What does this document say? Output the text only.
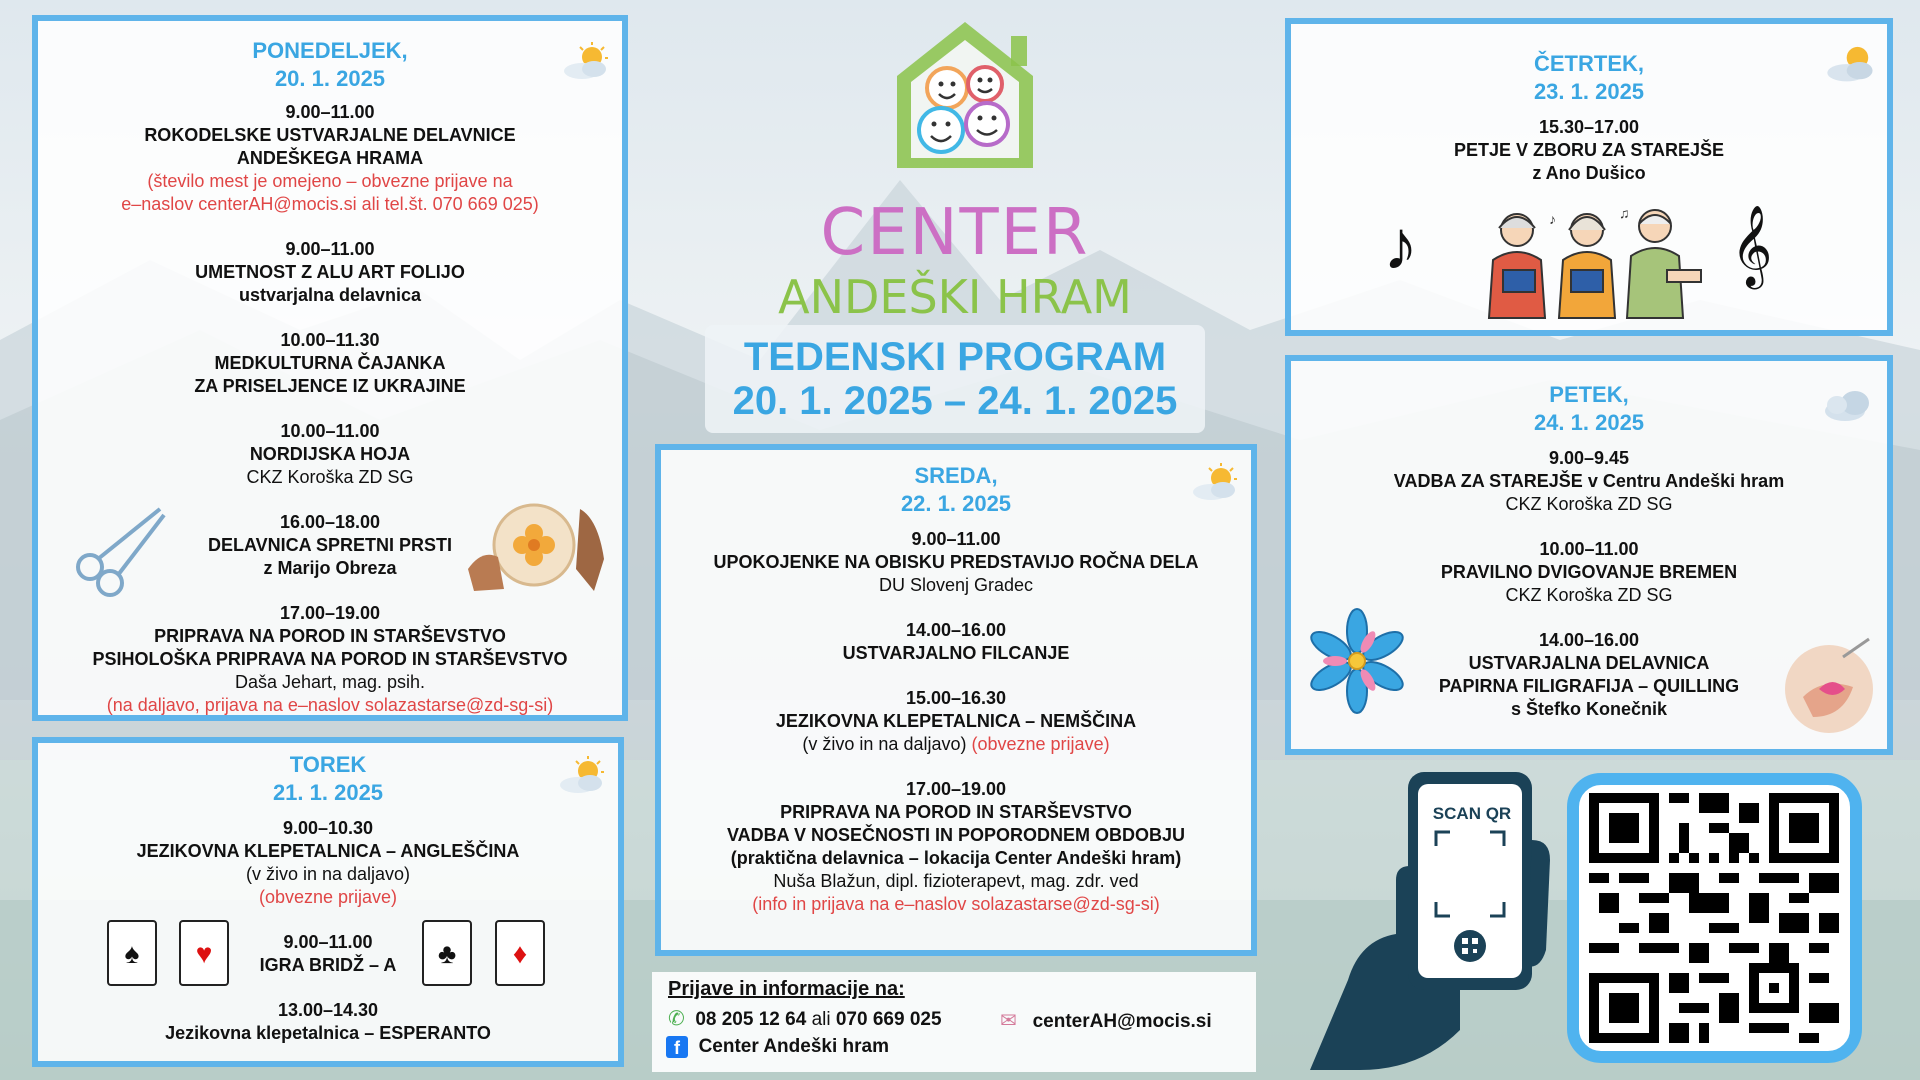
PONEDELJEK,
20. 1. 2025
9.00–11.00
ROKODELSKE USTVARJALNE DELAVNICE
ANDEŠKEGA HRAMA
(število mest je omejeno – obvezne prijave na
e–naslov centerAH@mocis.si ali tel.št. 070 669 025)
9.00–11.00
UMETNOST Z ALU ART FOLIJO
ustvarjalna delavnica
10.00–11.30
MEDKULTURNA ČAJANKA
ZA PRISELJENCE IZ UKRAJINE
10.00–11.00
NORDIJSKA HOJA
CKZ Koroška ZD SG
16.00–18.00
DELAVNICA SPRETNI PRSTI
z Marijo Obreza
17.00–19.00
PRIPRAVA NA POROD IN STARŠEVSTVO
PSIHOLOŠKA PRIPRAVA NA POROD IN STARŠEVSTVO
Daša Jehart, mag. psih.
(na daljavo, prijava na e–naslov solazastarse@zd-sg-si)
TOREK
21. 1. 2025
9.00–10.30
JEZIKOVNA KLEPETALNICA – ANGLEŠČINA
(v živo in na daljavo)
(obvezne prijave)
9.00–11.00
IGRA BRIDŽ – A
13.00–14.30
Jezikovna klepetalnica – ESPERANTO
♠ ♥	♣ ♦
CENTER
ANDEŠKI HRAM
TEDENSKI PROGRAM
20. 1. 2025 – 24. 1. 2025
SREDA,
22. 1. 2025
9.00–11.00
UPOKOJENKE NA OBISKU PREDSTAVIJO ROČNA DELA
DU Slovenj Gradec
14.00–16.00
USTVARJALNO FILCANJE
15.00–16.30
JEZIKOVNA KLEPETALNICA – NEMŠČINA
(v živo in na daljavo) (obvezne prijave)
17.00–19.00
PRIPRAVA NA POROD IN STARŠEVSTVO
VADBA V NOSEČNOSTI IN POPORODNEM OBDOBJU
(praktična delavnica – lokacija Center Andeški hram)
Nuša Blažun, dipl. fizioterapevt, mag. zdr. ved
(info in prijava na e–naslov solazastarse@zd-sg-si)
Prijave in informacije na:
✆ 08 205 12 64 ali 070 669 025	✉ centerAH@mocis.si
f Center Andeški hram
ČETRTEK,
23. 1. 2025
15.30–17.00
PETJE V ZBORU ZA STAREJŠE
z Ano Dušico
♪	𝄞
♪	♫
PETEK,
24. 1. 2025
9.00–9.45
VADBA ZA STAREJŠE v Centru Andeški hram
CKZ Koroška ZD SG
10.00–11.00
PRAVILNO DVIGOVANJE BREMEN
CKZ Koroška ZD SG
14.00–16.00
USTVARJALNA DELAVNICA
PAPIRNA FILIGRAFIJA – QUILLING
s Štefko Konečnik
SCAN QR
